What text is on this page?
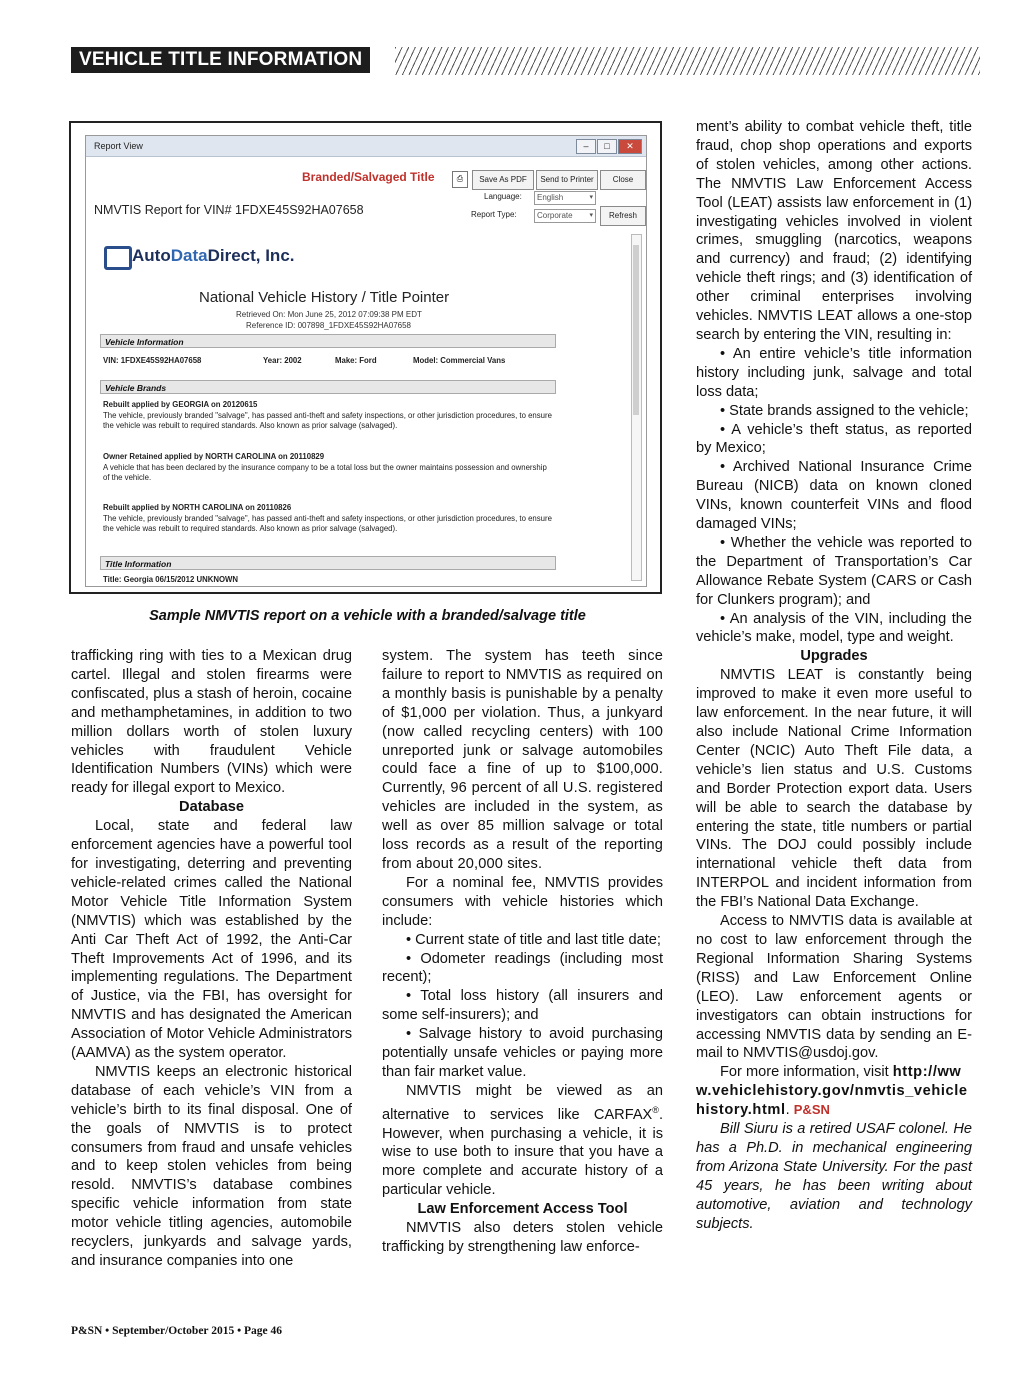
VEHICLE TITLE INFORMATION
Report View	–	□	✕
Branded/Salvaged Title	⎙	Save As PDF	Send to Printer	Close
NMVTIS Report for VIN# 1FDXE45S92HA07658
Language:	English ▾
Report Type:	Corporate ▾	Refresh
AutoDataDirect, Inc.
National Vehicle History / Title Pointer
Retrieved On: Mon June 25, 2012 07:09:38 PM EDT
Reference ID: 007898_1FDXE45S92HA07658
Vehicle Information
VIN: 1FDXE45S92HA07658	Year: 2002	Make: Ford	Model: Commercial Vans
Vehicle Brands
Rebuilt applied by GEORGIA on 20120615
The vehicle, previously branded "salvage", has passed anti-theft and safety inspections, or other jurisdiction procedures, to ensure the vehicle was rebuilt to required standards. Also known as prior salvage (salvaged).
Owner Retained applied by NORTH CAROLINA on 20110829
A vehicle that has been declared by the insurance company to be a total loss but the owner maintains possession and ownership of the vehicle.
Rebuilt applied by NORTH CAROLINA on 20110826
The vehicle, previously branded "salvage", has passed anti-theft and safety inspections, or other jurisdiction procedures, to ensure the vehicle was rebuilt to required standards. Also known as prior salvage (salvaged).
Title Information
Title: Georgia 06/15/2012 UNKNOWN
Sample NMVTIS report on a vehicle with a branded/salvage title

trafficking ring with ties to a Mexican drug cartel. Illegal and stolen firearms were confiscated, plus a stash of heroin, cocaine and methamphetamines, in addition to two million dollars worth of stolen luxury vehicles with fraudulent Vehicle Identification Numbers (VINs) which were ready for illegal export to Mexico.

Database

Local, state and federal law enforcement agencies have a powerful tool for investigating, deterring and preventing vehicle-related crimes called the National Motor Vehicle Title Information System (NMVTIS) which was established by the Anti Car Theft Act of 1992, the Anti-Car Theft Improvements Act of 1996, and its implementing regulations. The Department of Justice, via the FBI, has oversight for NMVTIS and has designated the American Association of Motor Vehicle Administrators (AAMVA) as the system operator.

NMVTIS keeps an electronic historical database of each vehicle’s VIN from a vehicle’s birth to its final disposal. One of the goals of NMVTIS is to protect consumers from fraud and unsafe vehicles and to keep stolen vehicles from being resold. NMVTIS’s database combines specific vehicle information from state motor vehicle titling agencies, automobile recyclers, junkyards and salvage yards, and insurance companies into one

system. The system has teeth since failure to report to NMVTIS as required on a monthly basis is punishable by a penalty of $1,000 per violation. Thus, a junkyard (now called recycling centers) with 100 unreported junk or salvage automobiles could face a fine of up to $100,000. Currently, 96 percent of all U.S. registered vehicles are included in the system, as well as over 85 million salvage or total loss records as a result of the reporting from about 20,000 sites.

For a nominal fee, NMVTIS provides consumers with vehicle histories which include:

• Current state of title and last title date;

• Odometer readings (including most recent);

• Total loss history (all insurers and some self-insurers); and

• Salvage history to avoid purchasing potentially unsafe vehicles or paying more than fair market value.

NMVTIS might be viewed as an alternative to services like CARFAX®. However, when purchasing a vehicle, it is wise to use both to insure that you have a more complete and accurate history of a particular vehicle.

Law Enforcement Access Tool

NMVTIS also deters stolen vehicle trafficking by strengthening law enforce-

ment’s ability to combat vehicle theft, title fraud, chop shop operations and exports of stolen vehicles, among other actions. The NMVTIS Law Enforcement Access Tool (LEAT) assists law enforcement in (1) investigating vehicles involved in violent crimes, smuggling (narcotics, weapons and currency) and fraud; (2) identifying vehicle theft rings; and (3) identification of other criminal enterprises involving vehicles. NMVTIS LEAT allows a one-stop search by entering the VIN, resulting in:

• An entire vehicle’s title information history including junk, salvage and total loss data;

• State brands assigned to the vehicle;

• A vehicle’s theft status, as reported by Mexico;

• Archived National Insurance Crime Bureau (NICB) data on known cloned VINs, known counterfeit VINs and flood damaged VINs;

• Whether the vehicle was reported to the Department of Transportation’s Car Allowance Rebate System (CARS or Cash for Clunkers program); and

• An analysis of the VIN, including the vehicle’s make, model, type and weight.

Upgrades

NMVTIS LEAT is constantly being improved to make it even more useful to law enforcement. In the near future, it will also include National Crime Information Center (NCIC) Auto Theft File data, a vehicle’s lien status and U.S. Customs and Border Protection export data. Users will be able to search the database by entering the state, title numbers or partial VINs. The DOJ could possibly include international vehicle theft data from INTERPOL and incident information from the FBI’s National Data Exchange.

Access to NMVTIS data is available at no cost to law enforcement through the Regional Information Sharing Systems (RISS) and Law Enforcement Online (LEO). Law enforcement agents or investigators can obtain instructions for accessing NMVTIS data by sending an E-mail to NMVTIS@usdoj.gov.

For more information, visit http://www.vehiclehistory.gov/nmvtis_vehiclehistory.html. P&SN

Bill Siuru is a retired USAF colonel. He has a Ph.D. in mechanical engineering from Arizona State University. For the past 45 years, he has been writing about automotive, aviation and technology subjects.

P&SN • September/October 2015 • Page 46
